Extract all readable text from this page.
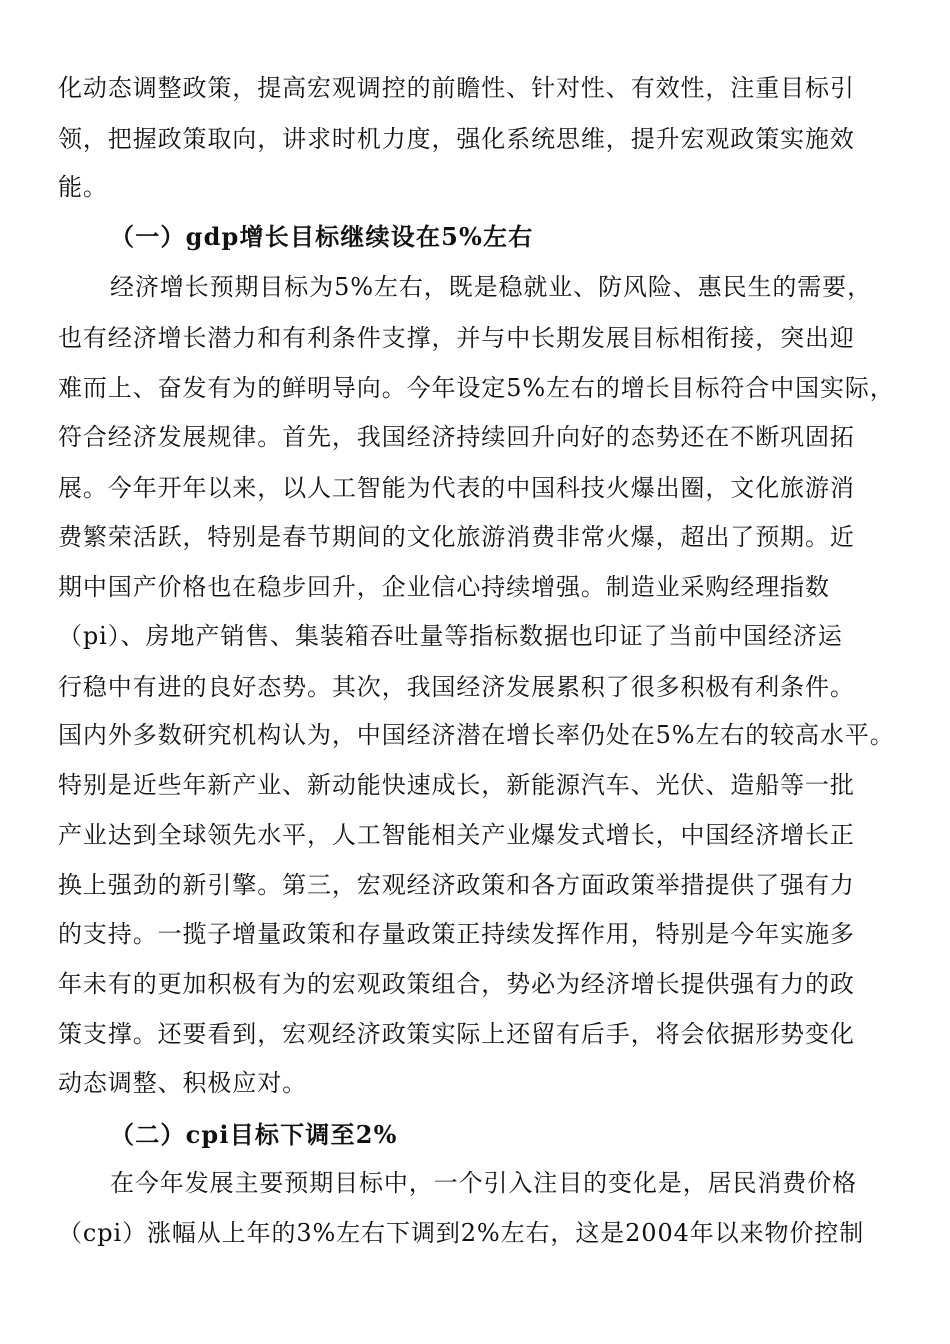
化动态调整政策，提高宏观调控的前瞻性、针对性、有效性，注重目标引
领，把握政策取向，讲求时机力度，强化系统思维，提升宏观政策实施效
能。
（一）gdp增长目标继续设在5%左右
经济增长预期目标为5%左右，既是稳就业、防风险、惠民生的需要，
也有经济增长潜力和有利条件支撑，并与中长期发展目标相衔接，突出迎
难而上、奋发有为的鲜明导向。今年设定5%左右的增长目标符合中国实际，
符合经济发展规律。首先，我国经济持续回升向好的态势还在不断巩固拓
展。今年开年以来，以人工智能为代表的中国科技火爆出圈，文化旅游消
费繁荣活跃，特别是春节期间的文化旅游消费非常火爆，超出了预期。近
期中国产价格也在稳步回升，企业信心持续增强。制造业采购经理指数
（pi）、房地产销售、集装箱吞吐量等指标数据也印证了当前中国经济运
行稳中有进的良好态势。其次，我国经济发展累积了很多积极有利条件。
国内外多数研究机构认为，中国经济潜在增长率仍处在5%左右的较高水平。
特别是近些年新产业、新动能快速成长，新能源汽车、光伏、造船等一批
产业达到全球领先水平，人工智能相关产业爆发式增长，中国经济增长正
换上强劲的新引擎。第三，宏观经济政策和各方面政策举措提供了强有力
的支持。一揽子增量政策和存量政策正持续发挥作用，特别是今年实施多
年未有的更加积极有为的宏观政策组合，势必为经济增长提供强有力的政
策支撑。还要看到，宏观经济政策实际上还留有后手，将会依据形势变化
动态调整、积极应对。
（二）cpi目标下调至2%
在今年发展主要预期目标中，一个引入注目的变化是，居民消费价格
（cpi）涨幅从上年的3%左右下调到2%左右，这是2004年以来物价控制
